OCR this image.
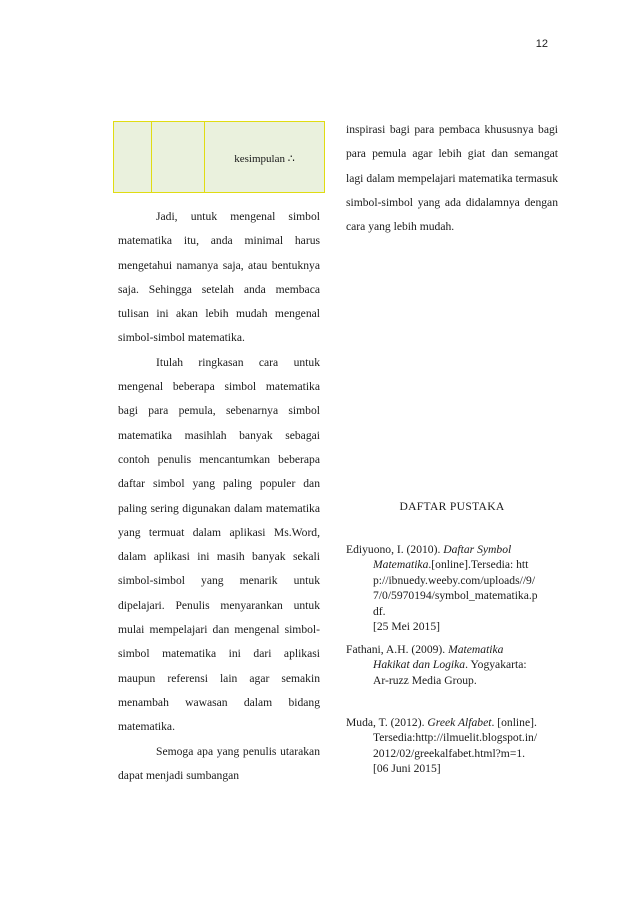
12
		kesimpulan ∴

Jadi, untuk mengenal simbol matematika itu, anda minimal harus mengetahui namanya saja, atau bentuknya saja. Sehingga setelah anda membaca tulisan ini akan lebih mudah mengenal simbol-simbol matematika.

Itulah ringkasan cara untuk mengenal beberapa simbol matematika bagi para pemula, sebenarnya simbol matematika masihlah banyak sebagai contoh penulis mencantumkan beberapa daftar simbol yang paling populer dan paling sering digunakan dalam matematika yang termuat dalam aplikasi Ms.Word, dalam aplikasi ini masih banyak sekali simbol-simbol yang menarik untuk dipelajari. Penulis menyarankan untuk mulai mempelajari dan mengenal simbol-simbol matematika ini dari aplikasi maupun referensi lain agar semakin menambah wawasan dalam bidang matematika.

Semoga apa yang penulis utarakan dapat menjadi sumbangan

inspirasi bagi para pembaca khususnya bagi para pemula agar lebih giat dan semangat lagi dalam mempelajari matematika termasuk simbol-simbol yang ada didalamnya dengan cara yang lebih mudah.

DAFTAR PUSTAKA
Ediyuono, I. (2010). Daftar Symbol Matematika.[online].Tersedia: http://ibnuedy.weeby.com/uploads//9/7/0/5970194/symbol_matematika.pdf.
[25 Mei 2015]
Fathani, A.H. (2009). Matematika Hakikat dan Logika. Yogyakarta: Ar-ruzz Media Group.
Muda, T. (2012). Greek Alfabet. [online].Tersedia:http://ilmuelit.blogspot.in/2012/02/greekalfabet.html?m=1.
[06 Juni 2015]
